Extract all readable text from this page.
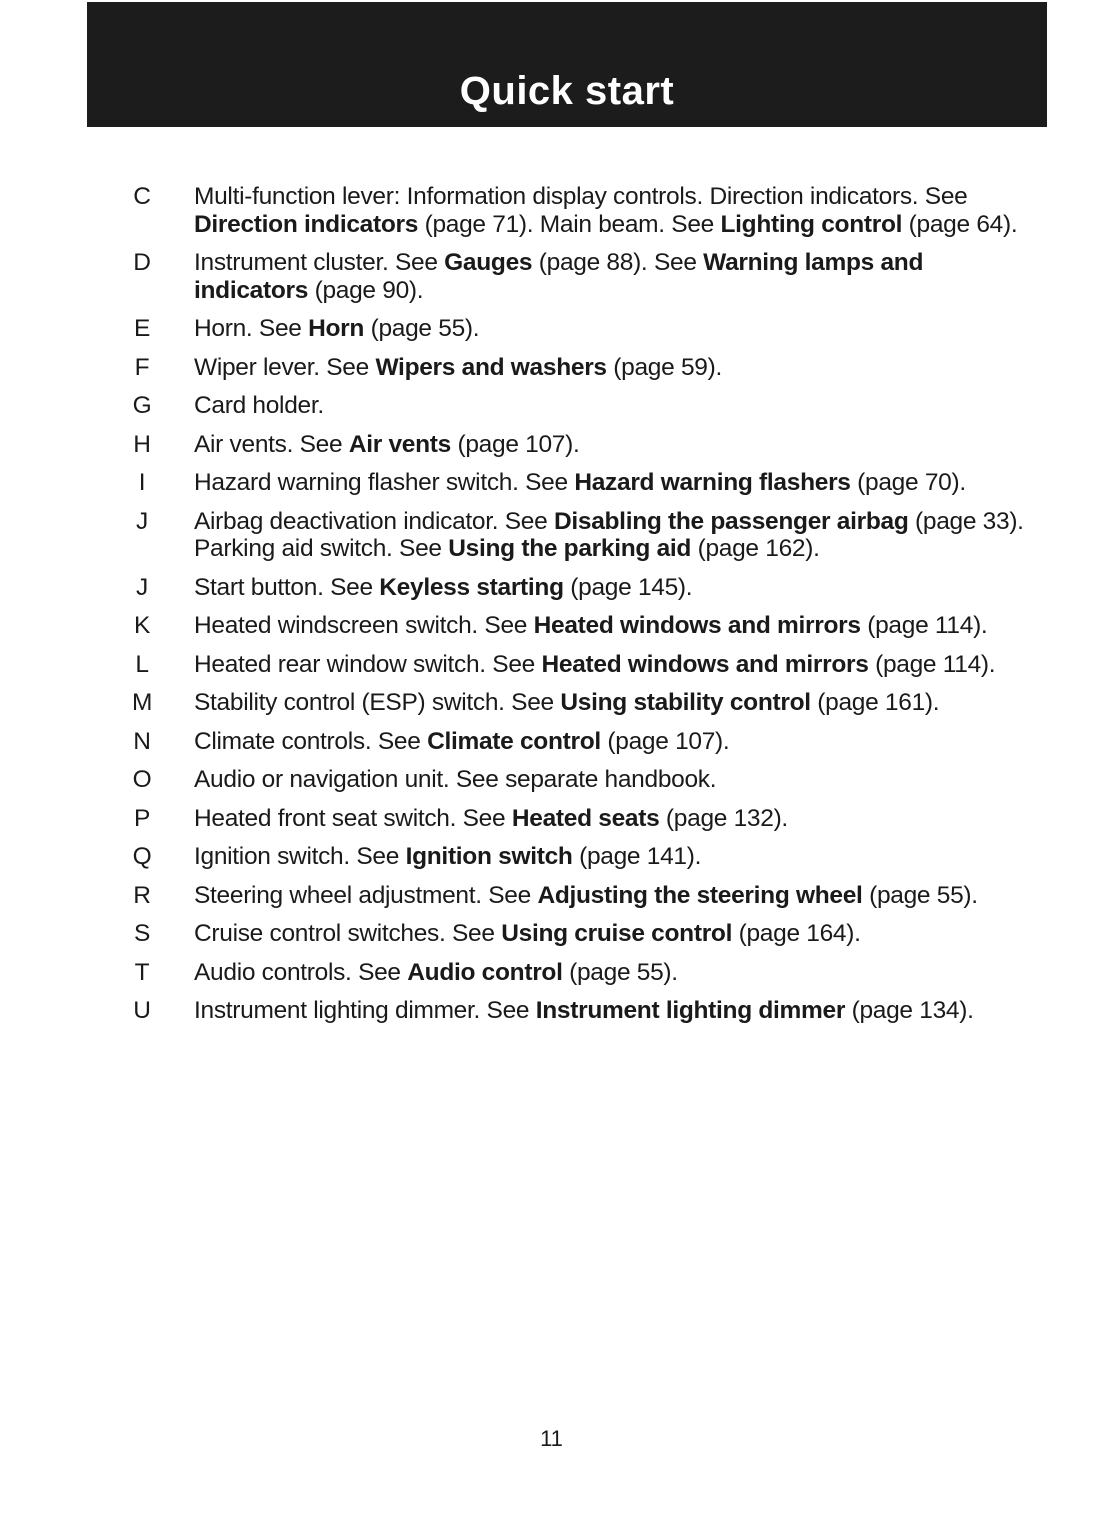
Quick start
C	Multi-function lever: Information display controls. Direction indicators. See Direction indicators (page 71). Main beam. See Lighting control (page 64).
D	Instrument cluster. See Gauges (page 88). See Warning lamps and indicators (page 90).
E	Horn. See Horn (page 55).
F	Wiper lever. See Wipers and washers (page 59).
G	Card holder.
H	Air vents. See Air vents (page 107).
I	Hazard warning flasher switch. See Hazard warning flashers (page 70).
J	Airbag deactivation indicator. See Disabling the passenger airbag (page 33). Parking aid switch. See Using the parking aid (page 162).
J	Start button. See Keyless starting (page 145).
K	Heated windscreen switch. See Heated windows and mirrors (page 114).
L	Heated rear window switch. See Heated windows and mirrors (page 114).
M	Stability control (ESP) switch. See Using stability control (page 161).
N	Climate controls. See Climate control (page 107).
O	Audio or navigation unit. See separate handbook.
P	Heated front seat switch. See Heated seats (page 132).
Q	Ignition switch. See Ignition switch (page 141).
R	Steering wheel adjustment. See Adjusting the steering wheel (page 55).
S	Cruise control switches. See Using cruise control (page 164).
T	Audio controls. See Audio control (page 55).
U	Instrument lighting dimmer. See Instrument lighting dimmer (page 134).
11
